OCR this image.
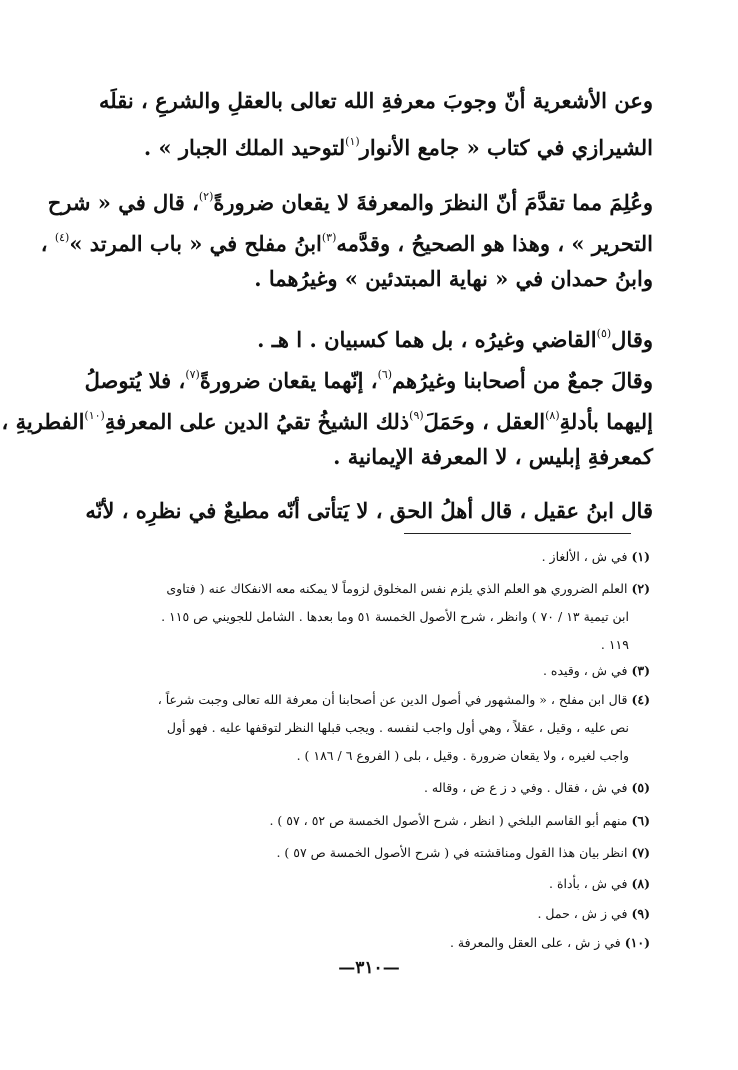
وعن الأشعرية أنّ وجوبَ معرفةِ الله تعالى بالعقلِ والشرعِ ، نقلَه

الشيرازي في كتاب « جامع الأنوار$^{(١)}$لتوحيد الملك الجبار » .

وعُلِمَ مما تقدَّمَ أنّ النظرَ والمعرفةَ لا يقعان ضرورةً$^{(٢)}$، قال في « شرح

التحرير » ، وهذا هو الصحيحُ ، وقدَّمه$^{(٣)}$ابنُ مفلح في « باب المرتد »$^{(٤)}$ ،

وابنُ حمدان في « نهاية المبتدئين » وغيرُهما .

وقال$^{(٥)}$القاضي وغيرُه ، بل هما كسبيان . ا هـ .

وقالَ جمعٌ من أصحابنا وغيرُهم$^{(٦)}$، إنّهما يقعان ضرورةً$^{(٧)}$، فلا يُتوصلُ

إليهما بأدلةِ$^{(٨)}$العقل ، وحَمَلَ$^{(٩)}$ذلك الشيخُ تقيُ الدين على المعرفةِ$^{(١٠)}$الفطريةِ ،

كمعرفةِ إبليس ، لا المعرفة الإيمانية .

قال ابنُ عقيل ، قال أهلُ الحق ، لا يَتأتى أنّه مطيعٌ في نظرِه ، لأنّه

(١)في ش ، الألغاز .

(٢)العلم الضروري هو العلم الذي يلزم نفس المخلوق لزوماً لا يمكنه معه الانفكاك عنه ( فتاوى

ابن تيمية ١٣ / ٧٠ ) وانظر ، شرح الأصول الخمسة ٥١ وما بعدها . الشامل للجويني ص ١١٥ .

١١٩ .

(٣)في ش ، وقيده .

(٤)قال ابن مفلح ، « والمشهور في أصول الدين عن أصحابنا أن معرفة الله تعالى وجبت شرعاً ،

نص عليه ، وقيل ، عقلاً ، وهي أول واجب لنفسه . ويجب قبلها النظر لتوقفها عليه . فهو أول

واجب لغيره ، ولا يقعان ضرورة . وقيل ، بلى ( الفروع ٦ / ١٨٦ ) .

(٥)في ش ، فقال . وفي د ز ع ض ، وقاله .

(٦)منهم أبو القاسم البلخي ( انظر ، شرح الأصول الخمسة ص ٥٢ ، ٥٧ ) .

(٧)انظر بيان هذا القول ومناقشته في ( شرح الأصول الخمسة ص ٥٧ ) .

(٨)في ش ، بأداة .

(٩)في ز ش ، حمل .

(١٠)في ز ش ، على العقل والمعرفة .

—٣١٠—
